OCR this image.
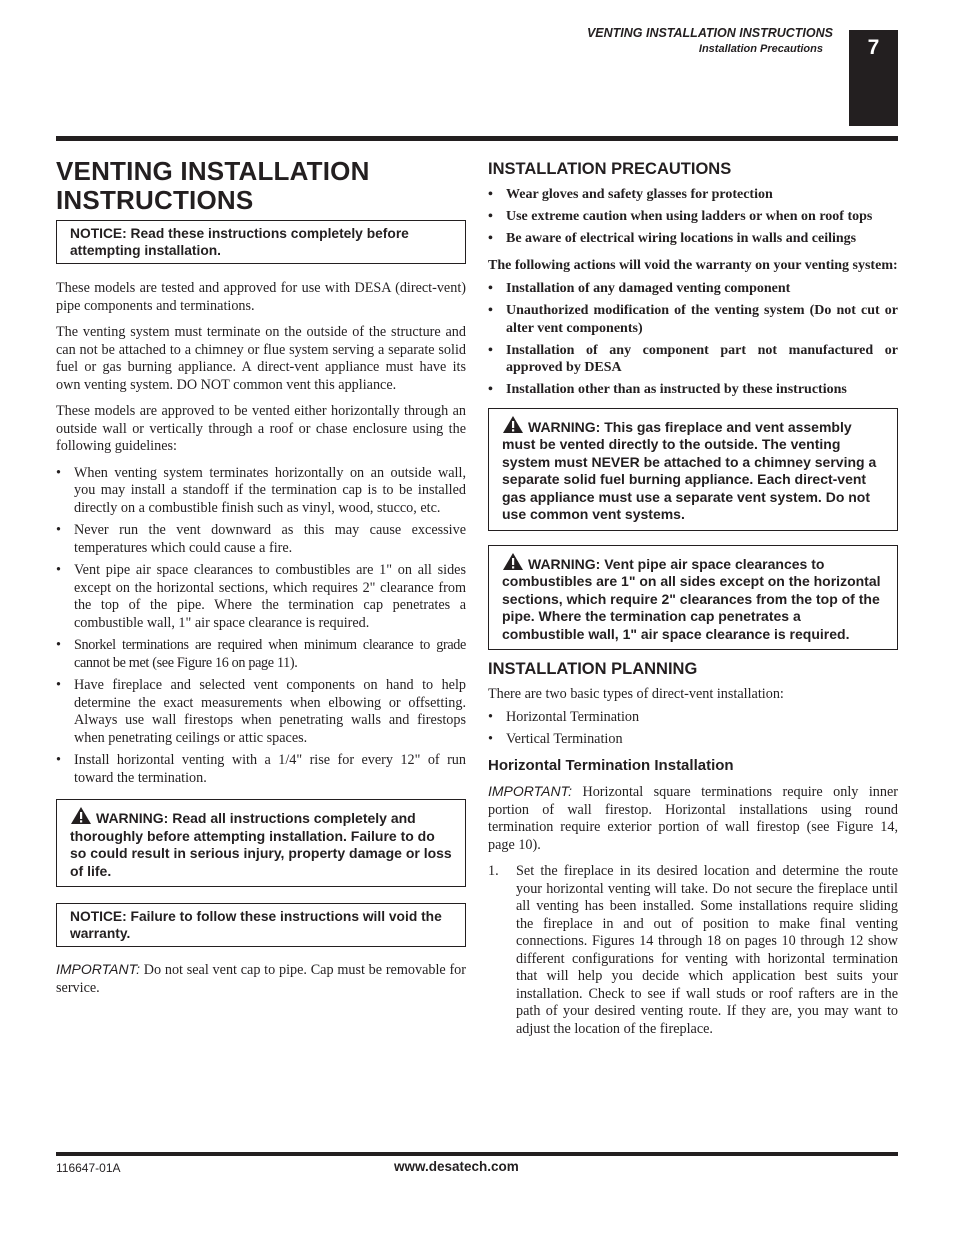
VENTING INSTALLATION INSTRUCTIONS
Installation Precautions	7
VENTING INSTALLATION INSTRUCTIONS
NOTICE: Read these instructions completely before attempting installation.

These models are tested and approved for use with DESA (direct-vent) pipe components and terminations.

The venting system must terminate on the outside of the structure and can not be attached to a chimney or flue system serving a separate solid fuel or gas burning appliance. A direct-vent appliance must have its own venting system. DO NOT common vent this appliance.

These models are approved to be vented either horizontally through an outside wall or vertically through a roof or chase enclosure using the following guidelines:

• When venting system terminates horizontally on an outside wall, you may install a standoff if the termination cap is to be installed directly on a combustible finish such as vinyl, wood, stucco, etc.
• Never run the vent downward as this may cause excessive temperatures which could cause a fire.
• Vent pipe air space clearances to combustibles are 1" on all sides except on the horizontal sections, which requires 2" clearance from the top of the pipe. Where the termination cap penetrates a combustible wall, 1" air space clearance is required.
• Snorkel terminations are required when minimum clearance to grade cannot be met (see Figure 16 on page 11).
• Have fireplace and selected vent components on hand to help determine the exact measurements when elbowing or offsetting. Always use wall firestops when penetrating walls and firestops when penetrating ceilings or attic spaces.
• Install horizontal venting with a 1/4" rise for every 12" of run toward the termination.
WARNING: Read all instructions completely and thoroughly before attempting installation. Failure to do so could result in serious injury, property damage or loss of life.
NOTICE: Failure to follow these instructions will void the warranty.

IMPORTANT: Do not seal vent cap to pipe. Cap must be removable for service.

INSTALLATION PRECAUTIONS
• Wear gloves and safety glasses for protection
• Use extreme caution when using ladders or when on roof tops
• Be aware of electrical wiring locations in walls and ceilings

The following actions will void the warranty on your venting system:

• Installation of any damaged venting component
• Unauthorized modification of the venting system (Do not cut or alter vent components)
• Installation of any component part not manufactured or approved by DESA
• Installation other than as instructed by these instructions
WARNING: This gas fireplace and vent assembly must be vented directly to the outside. The venting system must NEVER be attached to a chimney serving a separate solid fuel burning appliance. Each direct-vent gas appliance must use a separate vent system. Do not use common vent systems.
WARNING: Vent pipe air space clearances to combustibles are 1" on all sides except on the horizontal sections, which require 2" clearances from the top of the pipe. Where the termination cap penetrates a combustible wall, 1" air space clearance is required.
INSTALLATION PLANNING

There are two basic types of direct-vent installation:

• Horizontal Termination
• Vertical Termination
Horizontal Termination Installation

IMPORTANT: Horizontal square terminations require only inner portion of wall firestop. Horizontal installations using round termination require exterior portion of wall firestop (see Figure 14, page 10).

1. Set the fireplace in its desired location and determine the route your horizontal venting will take. Do not secure the fireplace until all venting has been installed. Some installations require sliding the fireplace in and out of position to make final venting connections. Figures 14 through 18 on pages 10 through 12 show different configurations for venting with horizontal termination that will help you decide which application best suits your installation. Check to see if wall studs or roof rafters are in the path of your desired venting route. If they are, you may want to adjust the location of the fireplace.
116647-01A	www.desatech.com
